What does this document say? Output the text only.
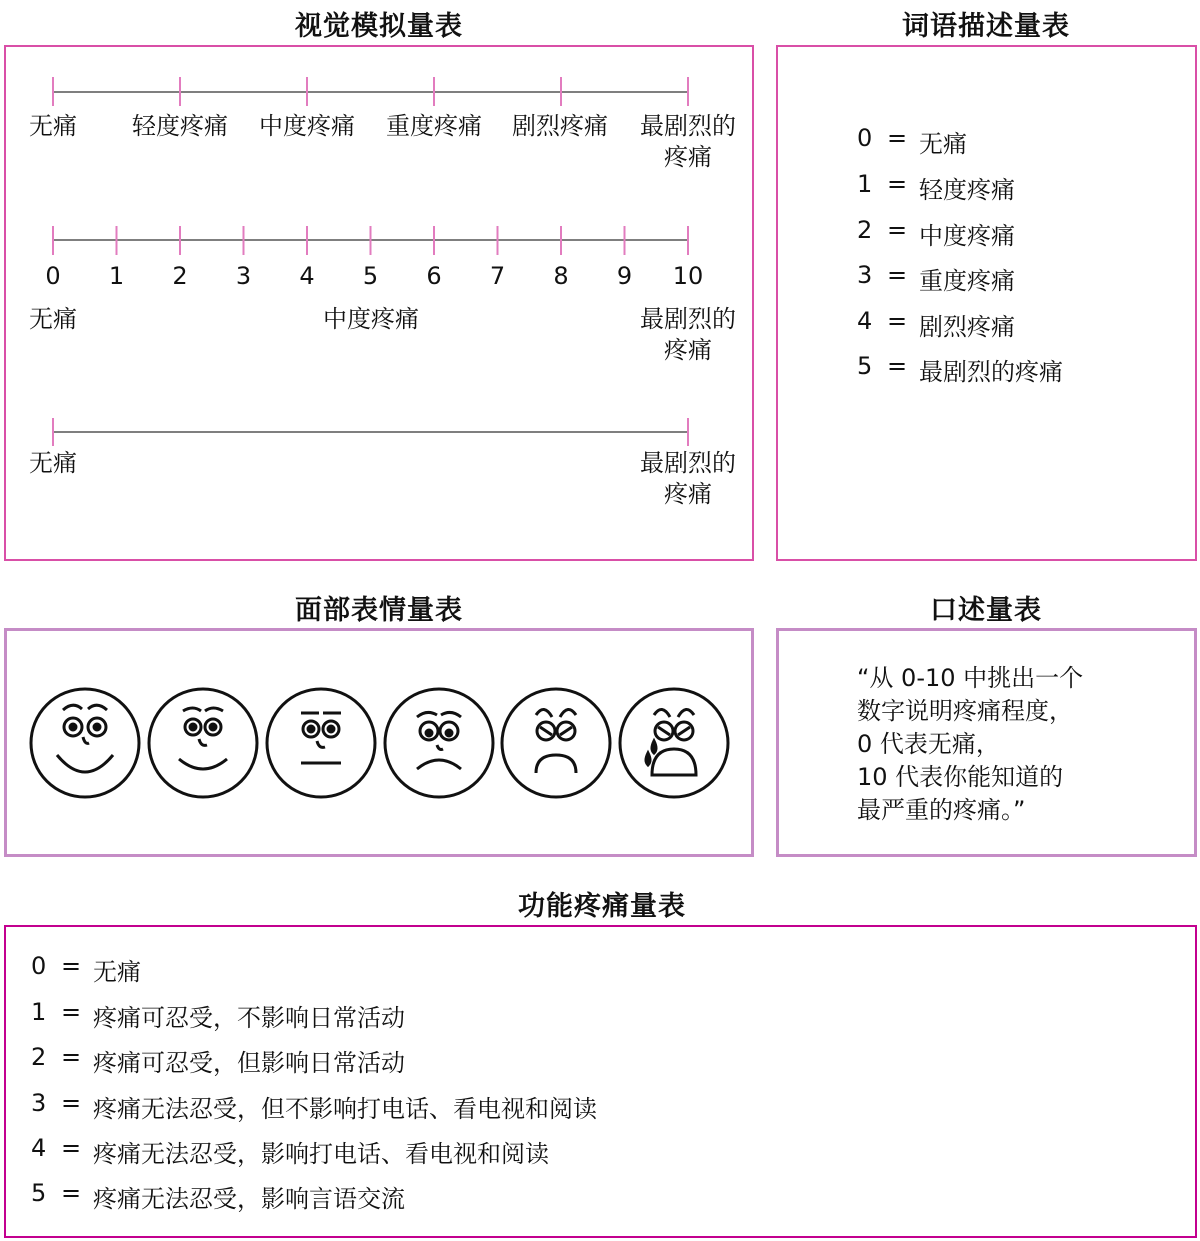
视觉模拟量表	词语描述量表
面部表情量表	口述量表
功能疼痛量表
无痛 轻度疼痛 中度疼痛 重度疼痛 剧烈疼痛	最剧烈的疼痛
0 1 2 3 4 5 6 7 8 9 10
无痛	中度疼痛	最剧烈的疼痛
无痛	最剧烈的疼痛
0 = 无痛
1 = 轻度疼痛
2 = 中度疼痛
3 = 重度疼痛
4 = 剧烈疼痛
5 = 最剧烈的疼痛
“从 0-10 中挑出一个
数字说明疼痛程度，
0 代表无痛，
10 代表你能知道的
最严重的疼痛。”
0 = 无痛
1 = 疼痛可忍受，不影响日常活动
2 = 疼痛可忍受，但影响日常活动
3 = 疼痛无法忍受，但不影响打电话、看电视和阅读
4 = 疼痛无法忍受，影响打电话、看电视和阅读
5 = 疼痛无法忍受，影响言语交流
